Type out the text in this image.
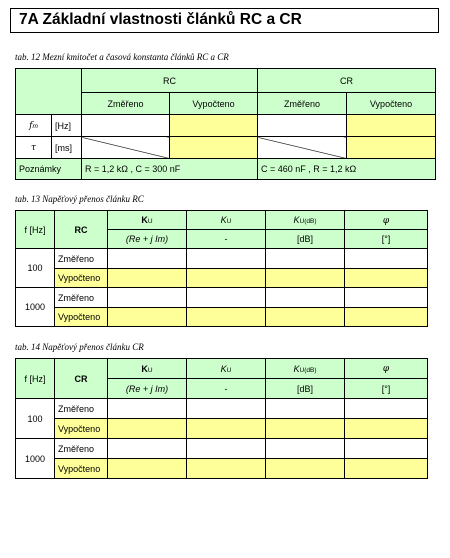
7A Základní vlastnosti článků RC a CR
tab. 12 Mezní kmitočet a časová konstanta článků RC a CR
		RC		CR	
		Změřeno	Vypočteno	Změřeno	Vypočteno
fm	[Hz]				
τ	[ms]				
Poznámky		R = 1,2 kΩ , C = 300 nF		C = 460 nF , R = 1,2 kΩ	
tab. 13 Napěťový přenos článku RC
f [Hz]	RC	KU	KU	KU(dB)	φ
		(Re + j Im)	-	[dB]	[°]
100	Změřeno				
	Vypočteno				
1000	Změřeno				
	Vypočteno				
tab. 14 Napěťový přenos článku CR
f [Hz]	CR	KU	KU	KU(dB)	φ
		(Re + j Im)	-	[dB]	[°]
100	Změřeno				
	Vypočteno				
1000	Změřeno				
	Vypočteno				
